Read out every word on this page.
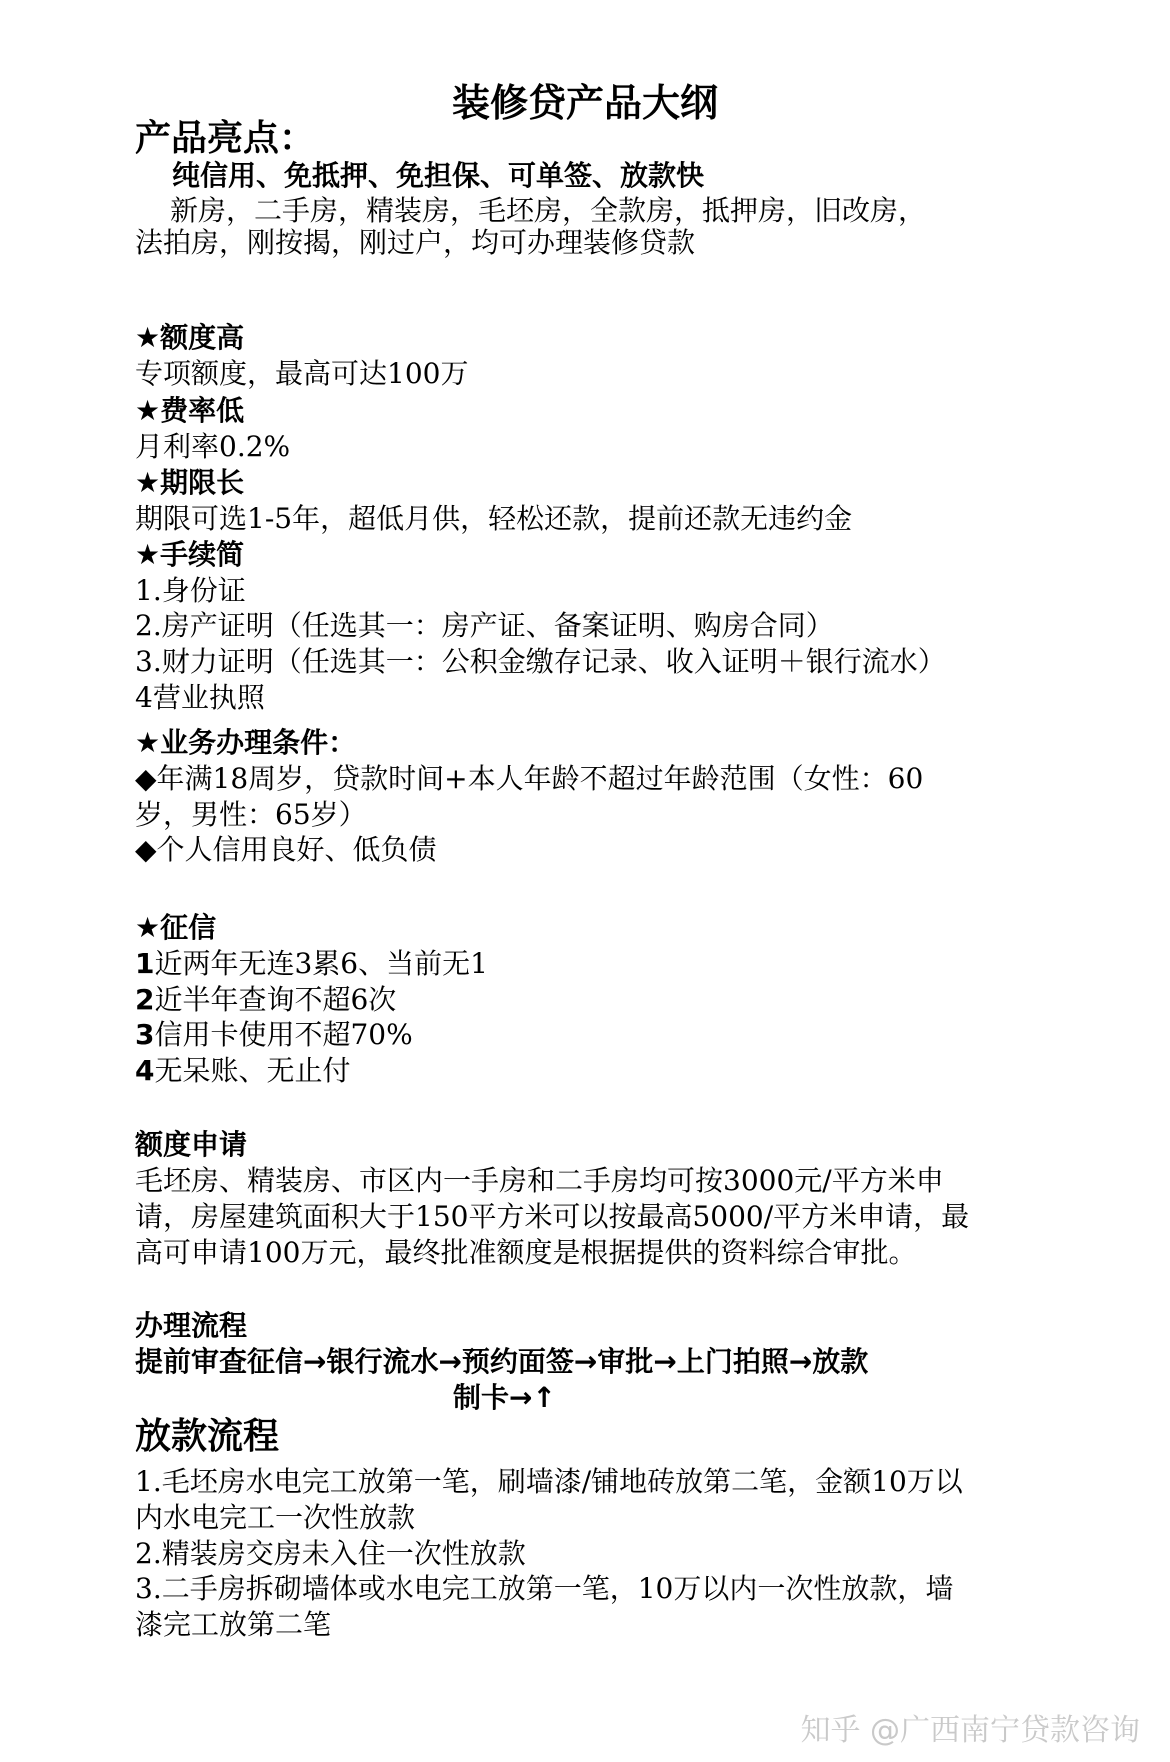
装修贷产品大纲
产品亮点：
纯信用、免抵押、免担保、可单签、放款快
新房，二手房，精装房，毛坯房，全款房，抵押房，旧改房，
法拍房，刚按揭，刚过户，均可办理装修贷款
★额度高
专项额度，最高可达100万
★费率低
月利率0.2%
★期限长
期限可选1-5年，超低月供，轻松还款，提前还款无违约金
★手续简
1.身份证
2.房产证明（任选其一：房产证、备案证明、购房合同）
3.财力证明（任选其一：公积金缴存记录、收入证明＋银行流水）
4营业执照
★业务办理条件：
◆年满18周岁，贷款时间+本人年龄不超过年龄范围（女性：60
岁，男性：65岁）
◆个人信用良好、低负债
★征信
1近两年无连3累6、当前无1
2近半年查询不超6次
3信用卡使用不超70%
4无呆账、无止付
额度申请
毛坯房、精装房、市区内一手房和二手房均可按3000元/平方米申
请，房屋建筑面积大于150平方米可以按最高5000/平方米申请，最
高可申请100万元，最终批准额度是根据提供的资料综合审批。
办理流程
提前审查征信→银行流水→预约面签→审批→上门拍照→放款
制卡→↑
放款流程
1.毛坯房水电完工放第一笔，刷墙漆/铺地砖放第二笔，金额10万以
内水电完工一次性放款
2.精装房交房未入住一次性放款
3.二手房拆砌墙体或水电完工放第一笔，10万以内一次性放款，墙
漆完工放第二笔
知乎 @广西南宁贷款咨询
